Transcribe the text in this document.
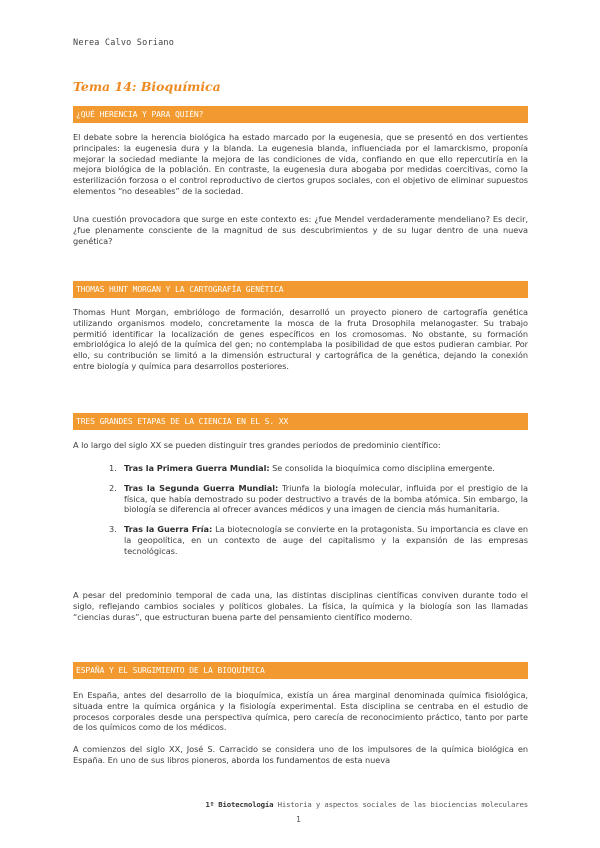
Nerea Calvo Soriano
Tema 14: Bioquímica
¿QUÉ HERENCIA Y PARA QUIÉN?
El debate sobre la herencia biológica ha estado marcado por la eugenesia, que se presentó en dos vertientes principales: la eugenesia dura y la blanda. La eugenesia blanda, influenciada por el lamarckismo, proponía mejorar la sociedad mediante la mejora de las condiciones de vida, confiando en que ello repercutiría en la mejora biológica de la población. En contraste, la eugenesia dura abogaba por medidas coercitivas, como la esterilización forzosa o el control reproductivo de ciertos grupos sociales, con el objetivo de eliminar supuestos elementos “no deseables” de la sociedad.
Una cuestión provocadora que surge en este contexto es: ¿fue Mendel verdaderamente mendeliano? Es decir, ¿fue plenamente consciente de la magnitud de sus descubrimientos y de su lugar dentro de una nueva genética?
THOMAS HUNT MORGAN Y LA CARTOGRAFÍA GENÉTICA
Thomas Hunt Morgan, embriólogo de formación, desarrolló un proyecto pionero de cartografía genética utilizando organismos modelo, concretamente la mosca de la fruta Drosophila melanogaster. Su trabajo permitió identificar la localización de genes específicos en los cromosomas. No obstante, su formación embriológica lo alejó de la química del gen; no contemplaba la posibilidad de que estos pudieran cambiar. Por ello, su contribución se limitó a la dimensión estructural y cartográfica de la genética, dejando la conexión entre biología y química para desarrollos posteriores.
TRES GRANDES ETAPAS DE LA CIENCIA EN EL S. XX
A lo largo del siglo XX se pueden distinguir tres grandes periodos de predominio científico:
1. Tras la Primera Guerra Mundial: Se consolida la bioquímica como disciplina emergente.
2. Tras la Segunda Guerra Mundial: Triunfa la biología molecular, influida por el prestigio de la física, que había demostrado su poder destructivo a través de la bomba atómica. Sin embargo, la biología se diferencia al ofrecer avances médicos y una imagen de ciencia más humanitaria.
3. Tras la Guerra Fría: La biotecnología se convierte en la protagonista. Su importancia es clave en la geopolítica, en un contexto de auge del capitalismo y la expansión de las empresas tecnológicas.
A pesar del predominio temporal de cada una, las distintas disciplinas científicas conviven durante todo el siglo, reflejando cambios sociales y políticos globales. La física, la química y la biología son las llamadas “ciencias duras”, que estructuran buena parte del pensamiento científico moderno.
ESPAÑA Y EL SURGIMIENTO DE LA BIOQUÍMICA
En España, antes del desarrollo de la bioquímica, existía un área marginal denominada química fisiológica, situada entre la química orgánica y la fisiología experimental. Esta disciplina se centraba en el estudio de procesos corporales desde una perspectiva química, pero carecía de reconocimiento práctico, tanto por parte de los químicos como de los médicos.
A comienzos del siglo XX, José S. Carracido se considera uno de los impulsores de la química biológica en España. En uno de sus libros pioneros, aborda los fundamentos de esta nueva
1º Biotecnología Historia y aspectos sociales de las biociencias moleculares
1
